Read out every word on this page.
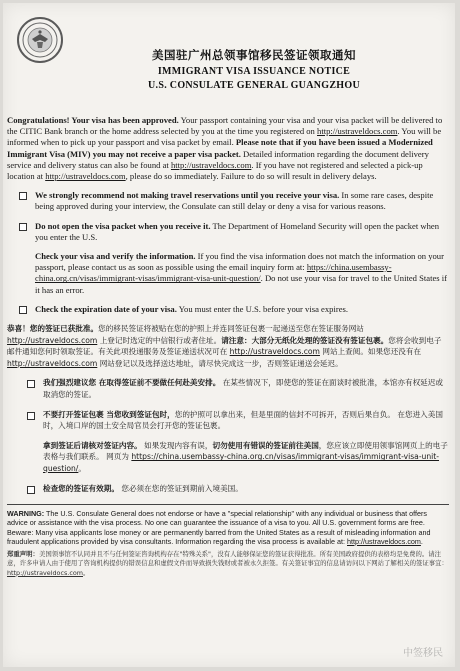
美国驻广州总领事馆移民签证领取通知
IMMIGRANT VISA ISSUANCE NOTICE
U.S. CONSULATE GENERAL GUANGZHOU
Congratulations! Your visa has been approved. Your passport containing your visa and your visa packet will be delivered to the CITIC Bank branch or the home address selected by you at the time you registered on http://ustraveldocs.com. You will be informed when to pick up your passport and visa packet by email. Please note that if you have been issued a Modernized Immigrant Visa (MIV) you may not receive a paper visa packet. Detailed information regarding the document delivery service and delivery status can also be found at http://ustraveldocs.com. If you have not registered and selected a pick-up location at http://ustraveldocs.com, please do so immediately. Failure to do so will result in delivery delays.
We strongly recommend not making travel reservations until you receive your visa. In some rare cases, despite being approved during your interview, the Consulate can still delay or deny a visa for various reasons.
Do not open the visa packet when you receive it. The Department of Homeland Security will open the packet when you enter the U.S.
Check your visa and verify the information. If you find the visa information does not match the information on your passport, please contact us as soon as possible using the email inquiry form at: https://china.usembassy-china.org.cn/visas/immigrant-visas/immigrant-visa-unit-question/. Do not use your visa for travel to the United States if it has an error.
Check the expiration date of your visa. You must enter the U.S. before your visa expires.
恭喜！您的签证已获批准。您的移民签证将被贴在您的护照上并连同签证包裹一起递送至您在签证服务网站 http://ustraveldocs.com 上登记时选定的中信银行或者住址。请注意：大部分无纸化处理的签证没有签证包裹。您将会收到电子邮件通知您何时领取签证。有关此项投递服务及签证递送状况可在 http://ustraveldocs.com 网站上查阅。如果您还没有在 http://ustraveldocs.com 网站登记以及选择送达地址，请尽快完成这一步，否则签证递送会延迟。
我们强烈建议您 在取得签证前不要做任何赴美安排。 在某些情况下，即使您的签证在面谈时被批准，本馆亦有权延迟或取消您的签证。
不要打开签证包裹 当您收到签证包时，您的护照可以拿出来，但是里面的信封不可拆开，否则后果自负。 在您进入美国时，入境口岸的国土安全局官员会打开您的签证包裹。
拿到签证后请核对签证内容。 如果发现内容有误，切勿使用有错误的签证前往美国，您应该立即使用领事馆网页上的电子表格与我们联系。 网页为 https://china.usembassy-china.org.cn/visas/immigrant-visas/immigrant-visa-unit-question/。
检查您的签证有效期。 您必须在您的签证到期前入境美国。
WARNING: The U.S. Consulate General does not endorse or have a "special relationship" with any individual or business that offers advice or assistance with the visa process. No one can guarantee the issuance of a visa to you. All U.S. government forms are free. Beware: Many visa applicants lose money or are permanently barred from the United States as a result of misleading information and fraudulent applications provided by visa consultants. Information regarding the visa process is available at: http://ustraveldocs.com.
郑重声明：美国领事馆不认同并且不与任何签证咨询机构存在"特殊关系"，没有人能够保证您的签证获得批准。所有美国政府提供的表格均是免费的。请注意，许多申请人由于使用了咨询机构提供的错误信息和虚假文件而导致损失钱财或者被永久拒签。有关签证事宜的信息请访问以下网站了解相关的签证事宜：http://ustraveldocs.com。
中签移民
